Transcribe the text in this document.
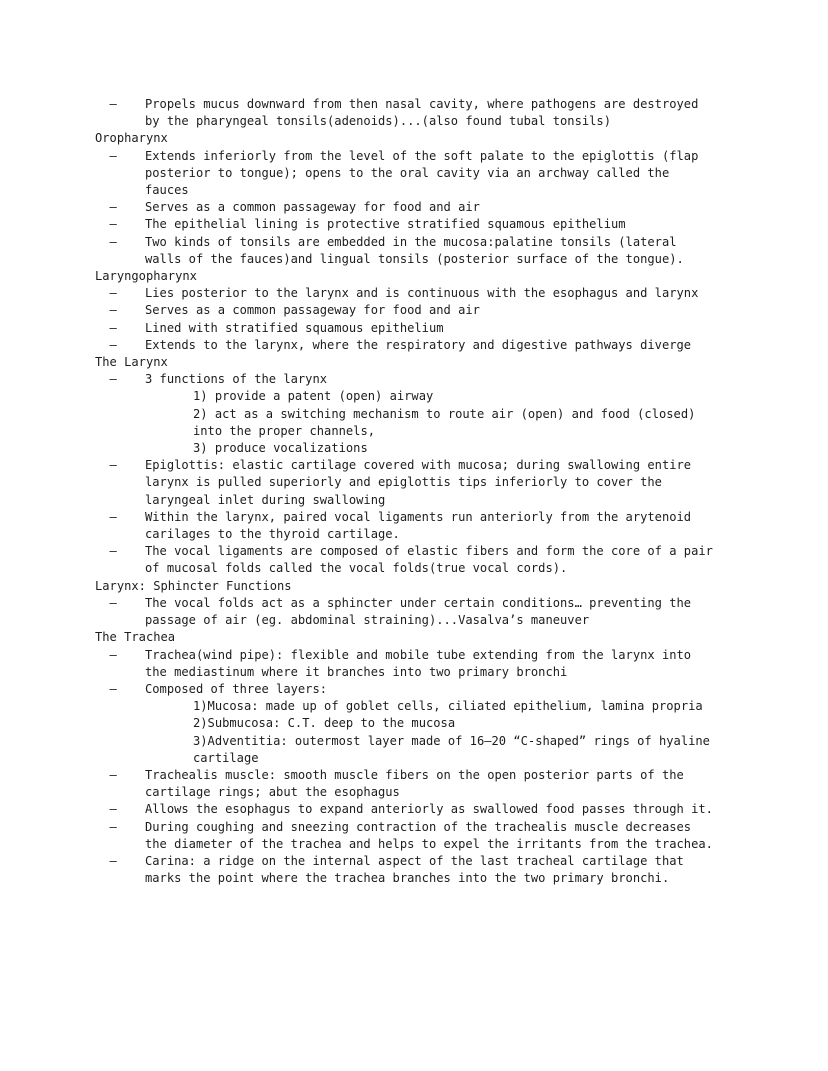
– Propels mucus downward from then nasal cavity, where pathogens are destroyed by the pharyngeal tonsils(adenoids)...(also found tubal tonsils)

Oropharynx

– Extends inferiorly from the level of the soft palate to the epiglottis (flap posterior to tongue); opens to the oral cavity via an archway called the fauces

– Serves as a common passageway for food and air

– The epithelial lining is protective stratified squamous epithelium

– Two kinds of tonsils are embedded in the mucosa:palatine tonsils (lateral walls of the fauces)and lingual tonsils (posterior surface of the tongue).

Laryngopharynx

– Lies posterior to the larynx and is continuous with the esophagus and larynx

– Serves as a common passageway for food and air

– Lined with stratified squamous epithelium

– Extends to the larynx, where the respiratory and digestive pathways diverge

The Larynx

– 3 functions of the larynx

1) provide a patent (open) airway

2) act as a switching mechanism to route air (open) and food (closed) into the proper channels,

3) produce vocalizations

– Epiglottis: elastic cartilage covered with mucosa; during swallowing entire larynx is pulled superiorly and epiglottis tips inferiorly to cover the laryngeal inlet during swallowing

– Within the larynx, paired vocal ligaments run anteriorly from the arytenoid carilages to the thyroid cartilage.

– The vocal ligaments are composed of elastic fibers and form the core of a pair of mucosal folds called the vocal folds(true vocal cords).

Larynx: Sphincter Functions

– The vocal folds act as a sphincter under certain conditions… preventing the passage of air (eg. abdominal straining)...Vasalva’s maneuver

The Trachea

– Trachea(wind pipe): flexible and mobile tube extending from the larynx into the mediastinum where it branches into two primary bronchi

– Composed of three layers:

1)Mucosa: made up of goblet cells, ciliated epithelium, lamina propria

2)Submucosa: C.T. deep to the mucosa

3)Adventitia: outermost layer made of 16–20 “C-shaped” rings of hyaline cartilage

– Trachealis muscle: smooth muscle fibers on the open posterior parts of the cartilage rings; abut the esophagus

– Allows the esophagus to expand anteriorly as swallowed food passes through it.

– During coughing and sneezing contraction of the trachealis muscle decreases the diameter of the trachea and helps to expel the irritants from the trachea.

– Carina: a ridge on the internal aspect of the last tracheal cartilage that marks the point where the trachea branches into the two primary bronchi.
